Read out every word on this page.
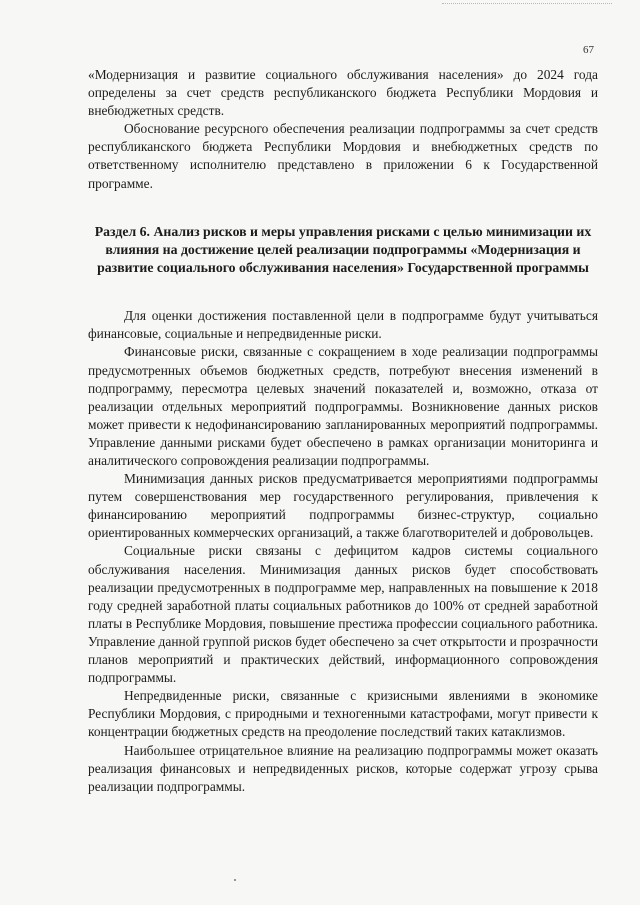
67

«Модернизация и развитие социального обслуживания населения» до 2024 года определены за счет средств республиканского бюджета Республики Мордовия и внебюджетных средств.

Обоснование ресурсного обеспечения реализации подпрограммы за счет средств республиканского бюджета Республики Мордовия и внебюджетных средств по ответственному исполнителю представлено в приложении 6 к Государственной программе.

Раздел 6. Анализ рисков и меры управления рисками с целью минимизации их влияния на достижение целей реализации подпрограммы «Модернизация и развитие социального обслуживания населения» Государственной программы

Для оценки достижения поставленной цели в подпрограмме будут учитываться финансовые, социальные и непредвиденные риски.

Финансовые риски, связанные с сокращением в ходе реализации подпрограммы предусмотренных объемов бюджетных средств, потребуют внесения изменений в подпрограмму, пересмотра целевых значений показателей и, возможно, отказа от реализации отдельных мероприятий подпрограммы. Возникновение данных рисков может привести к недофинансированию запланированных мероприятий подпрограммы. Управление данными рисками будет обеспечено в рамках организации мониторинга и аналитического сопровождения реализации подпрограммы.

Минимизация данных рисков предусматривается мероприятиями подпрограммы путем совершенствования мер государственного регулирования, привлечения к финансированию мероприятий подпрограммы бизнес-структур, социально ориентированных коммерческих организаций, а также благотворителей и добровольцев.

Социальные риски связаны с дефицитом кадров системы социального обслуживания населения. Минимизация данных рисков будет способствовать реализации предусмотренных в подпрограмме мер, направленных на повышение к 2018 году средней заработной платы социальных работников до 100% от средней заработной платы в Республике Мордовия, повышение престижа профессии социального работника. Управление данной группой рисков будет обеспечено за счет открытости и прозрачности планов мероприятий и практических действий, информационного сопровождения подпрограммы.

Непредвиденные риски, связанные с кризисными явлениями в экономике Республики Мордовия, с природными и техногенными катастрофами, могут привести к концентрации бюджетных средств на преодоление последствий таких катаклизмов.

Наибольшее отрицательное влияние на реализацию подпрограммы может оказать реализация финансовых и непредвиденных рисков, которые содержат угрозу срыва реализации подпрограммы.
